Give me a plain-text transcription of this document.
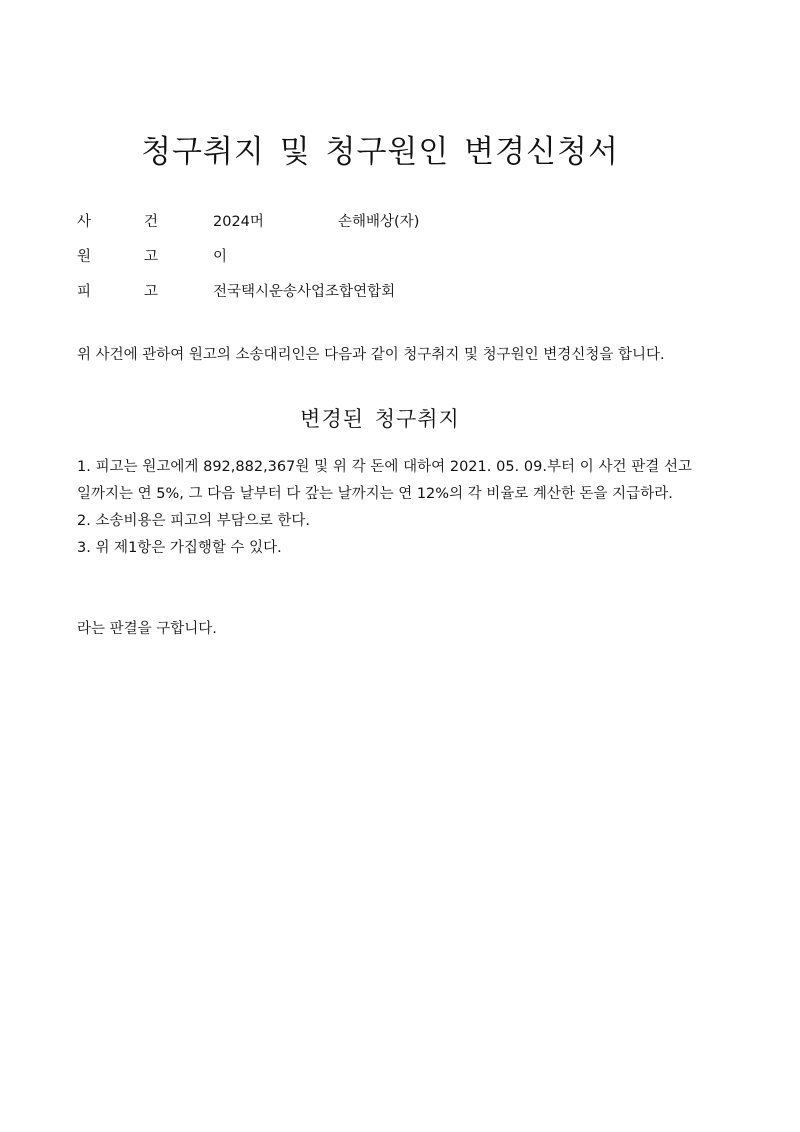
청구취지 및 청구원인 변경신청서
사	건	2024머	손해배상(자)
원	고	이
피	고	전국택시운송사업조합연합회

위 사건에 관하여 원고의 소송대리인은 다음과 같이 청구취지 및 청구원인 변경신청을 합니다.

변경된 청구취지

1. 피고는 원고에게 892,882,367원 및 위 각 돈에 대하여 2021. 05. 09.부터 이 사건 판결 선고일까지는 연 5%, 그 다음 날부터 다 갚는 날까지는 연 12%의 각 비율로 계산한 돈을 지급하라.

2. 소송비용은 피고의 부담으로 한다.

3. 위 제1항은 가집행할 수 있다.

라는 판결을 구합니다.
